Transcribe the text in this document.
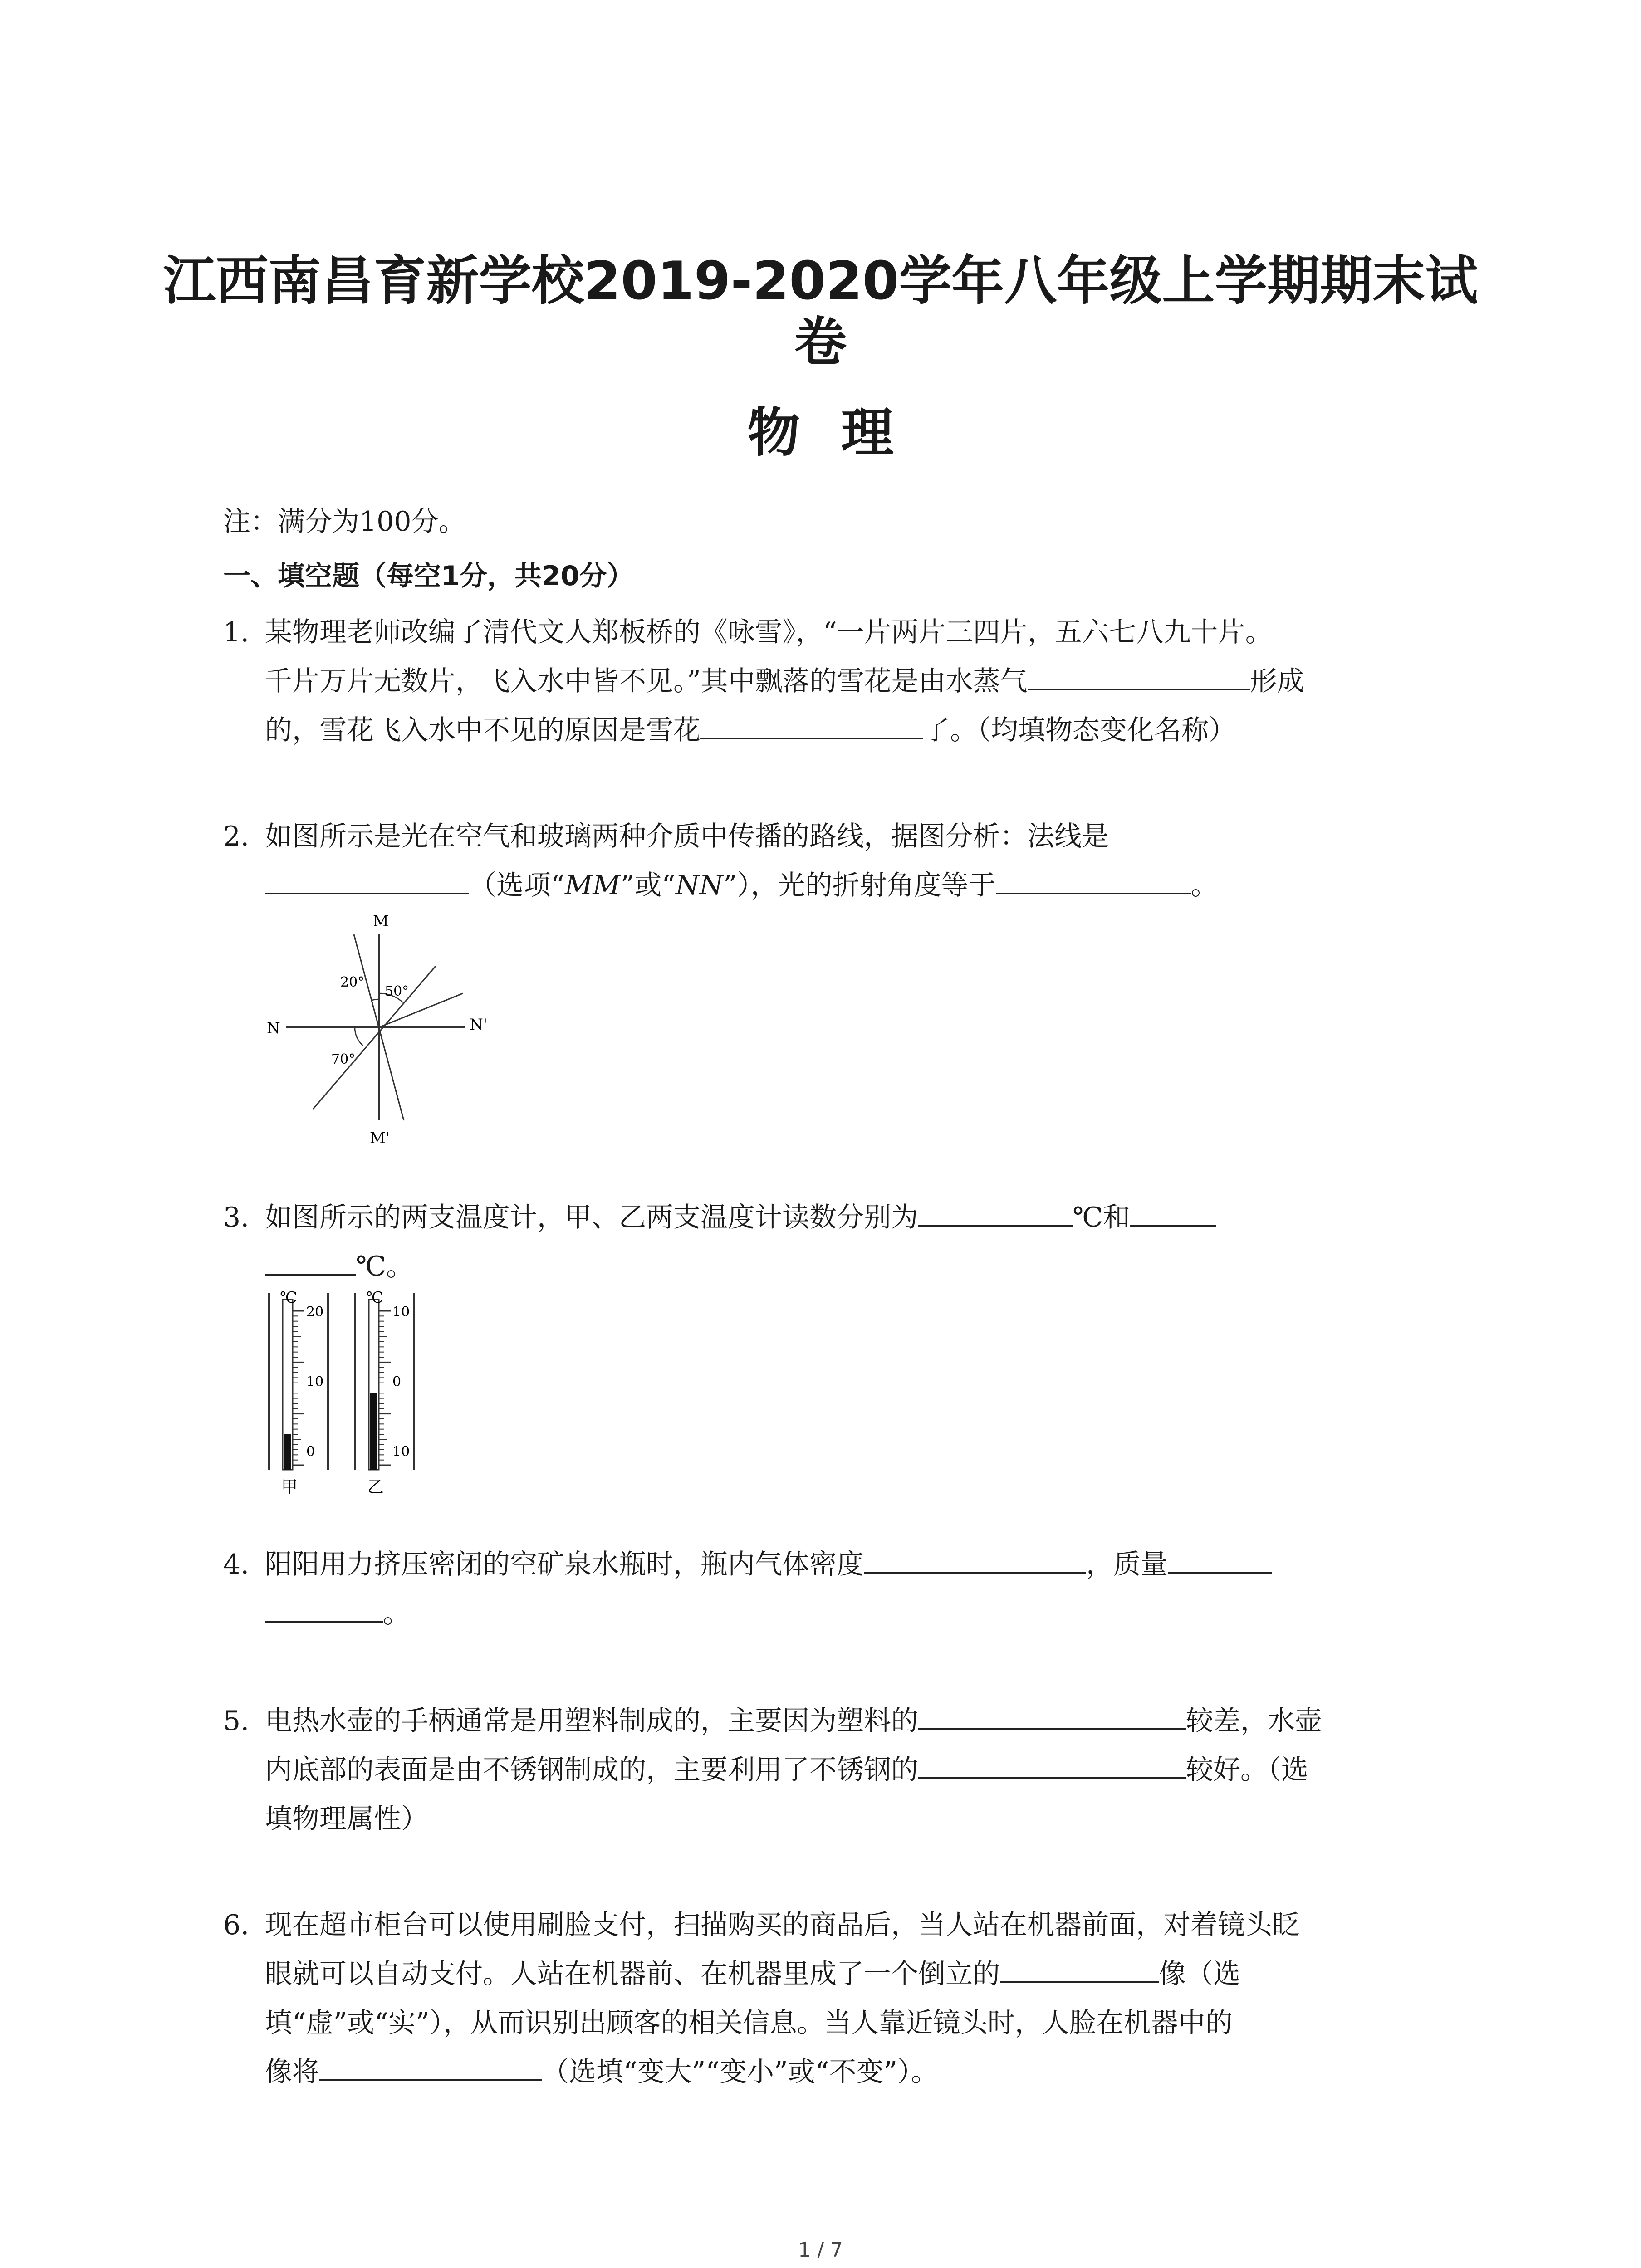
江西南昌育新学校2019-2020学年八年级上学期期末试
卷
物理
注：满分为100分。
一、填空题（每空1分，共20分）
1. 某物理老师改编了清代文人郑板桥的《咏雪》，“一片两片三四片，五六七八九十片。
千片万片无数片，飞入水中皆不见。”其中飘落的雪花是由水蒸气	形成
的，雪花飞入水中不见的原因是雪花	了。（均填物态变化名称）
2. 如图所示是光在空气和玻璃两种介质中传播的路线，据图分析：法线是
（选项“MM”或“NN”），光的折射角度等于	。
M
M'
N	N'
20°
50°
70°
3. 如图所示的两支温度计，甲、乙两支温度计读数分别为	℃和
℃。
℃
20
10
0
甲
℃
10
0
10
乙
4. 阳阳用力挤压密闭的空矿泉水瓶时，瓶内气体密度	，质量
。
5. 电热水壶的手柄通常是用塑料制成的，主要因为塑料的	较差，水壶
内底部的表面是由不锈钢制成的，主要利用了不锈钢的	较好。（选
填物理属性）
6. 现在超市柜台可以使用刷脸支付，扫描购买的商品后，当人站在机器前面，对着镜头眨
眼就可以自动支付。人站在机器前、在机器里成了一个倒立的	像（选
填“虚”或“实”），从而识别出顾客的相关信息。当人靠近镜头时，人脸在机器中的
像将	（选填“变大”“变小”或“不变”）。
1 / 7
